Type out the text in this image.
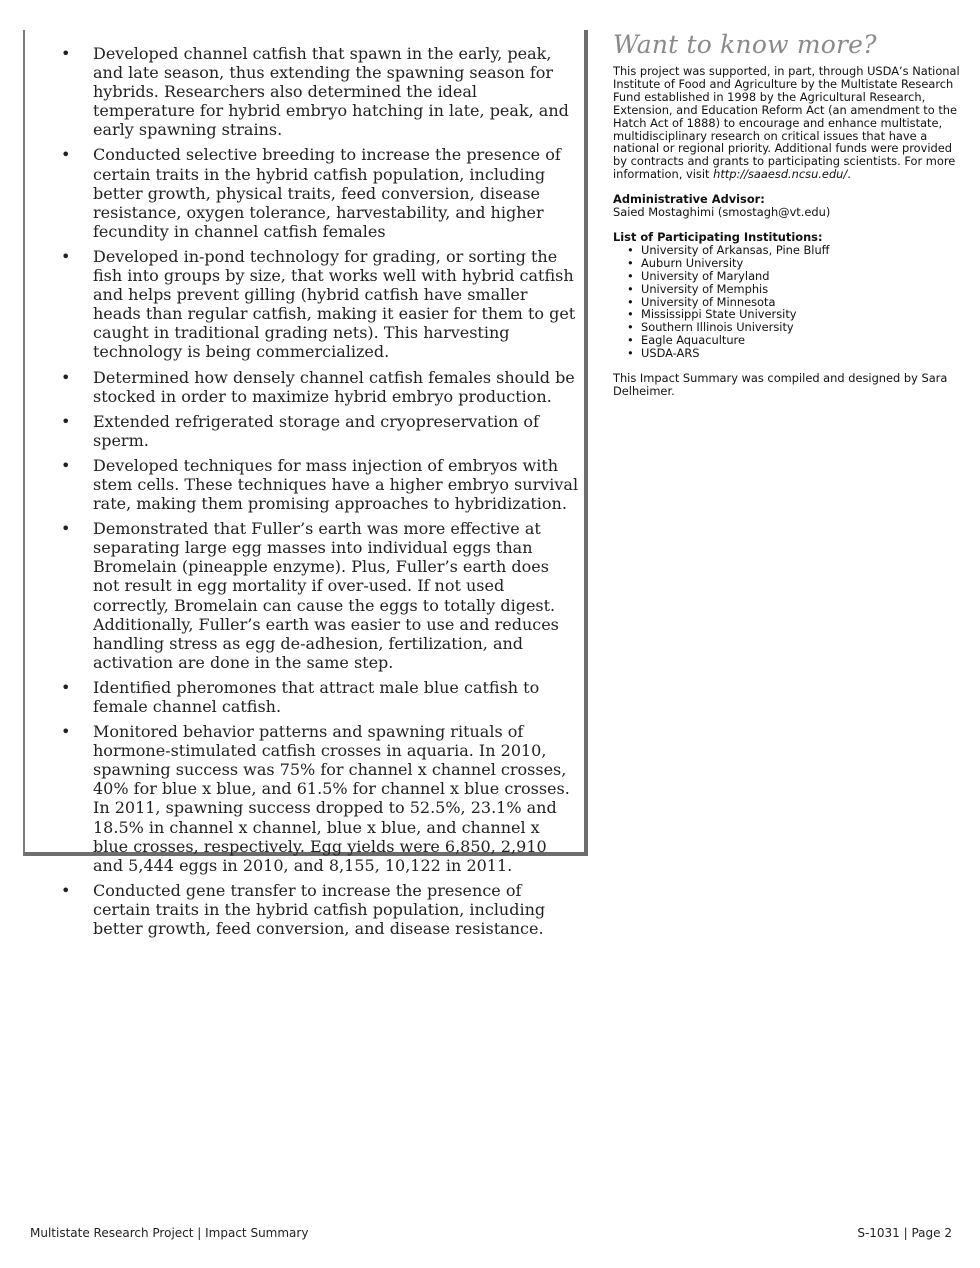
• Developed channel catfish that spawn in the early, peak, and late season, thus extending the spawning season for hybrids. Researchers also determined the ideal temperature for hybrid embryo hatching in late, peak, and early spawning strains.
• Conducted selective breeding to increase the presence of certain traits in the hybrid catfish population, including better growth, physical traits, feed conversion, disease resistance, oxygen tolerance, harvestability, and higher fecundity in channel catfish females
• Developed in-pond technology for grading, or sorting the fish into groups by size, that works well with hybrid catfish and helps prevent gilling (hybrid catfish have smaller heads than regular catfish, making it easier for them to get caught in traditional grading nets). This harvesting technology is being commercialized.
• Determined how densely channel catfish females should be stocked in order to maximize hybrid embryo production.
• Extended refrigerated storage and cryopreservation of sperm.
• Developed techniques for mass injection of embryos with stem cells. These techniques have a higher embryo survival rate, making them promising approaches to hybridization.
• Demonstrated that Fuller’s earth was more effective at separating large egg masses into individual eggs than Bromelain (pineapple enzyme). Plus, Fuller’s earth does not result in egg mortality if over-used. If not used correctly, Bromelain can cause the eggs to totally digest. Additionally, Fuller’s earth was easier to use and reduces handling stress as egg de-adhesion, fertilization, and activation are done in the same step.
• Identified pheromones that attract male blue catfish to female channel catfish.
• Monitored behavior patterns and spawning rituals of hormone-stimulated catfish crosses in aquaria. In 2010, spawning success was 75% for channel x channel crosses, 40% for blue x blue, and 61.5% for channel x blue crosses. In 2011, spawning success dropped to 52.5%, 23.1% and 18.5% in channel x channel, blue x blue, and channel x blue crosses, respectively. Egg yields were 6,850, 2,910 and 5,444 eggs in 2010, and 8,155, 10,122 in 2011.
• Conducted gene transfer to increase the presence of certain traits in the hybrid catfish population, including better growth, feed conversion, and disease resistance.
Want to know more?

This project was supported, in part, through USDA’s National Institute of Food and Agriculture by the Multistate Research Fund established in 1998 by the Agricultural Research, Extension, and Education Reform Act (an amendment to the Hatch Act of 1888) to encourage and enhance multistate, multidisciplinary research on critical issues that have a national or regional priority. Additional funds were provided by contracts and grants to participating scientists. For more information, visit http://saaesd.ncsu.edu/.

Administrative Advisor:
Saied Mostaghimi (smostagh@vt.edu)

List of Participating Institutions:

• University of Arkansas, Pine Bluff
• Auburn University
• University of Maryland
• University of Memphis
• University of Minnesota
• Mississippi State University
• Southern Illinois University
• Eagle Aquaculture
• USDA-ARS

This Impact Summary was compiled and designed by Sara Delheimer.

Multistate Research Project | Impact Summary	S-1031 | Page 2
